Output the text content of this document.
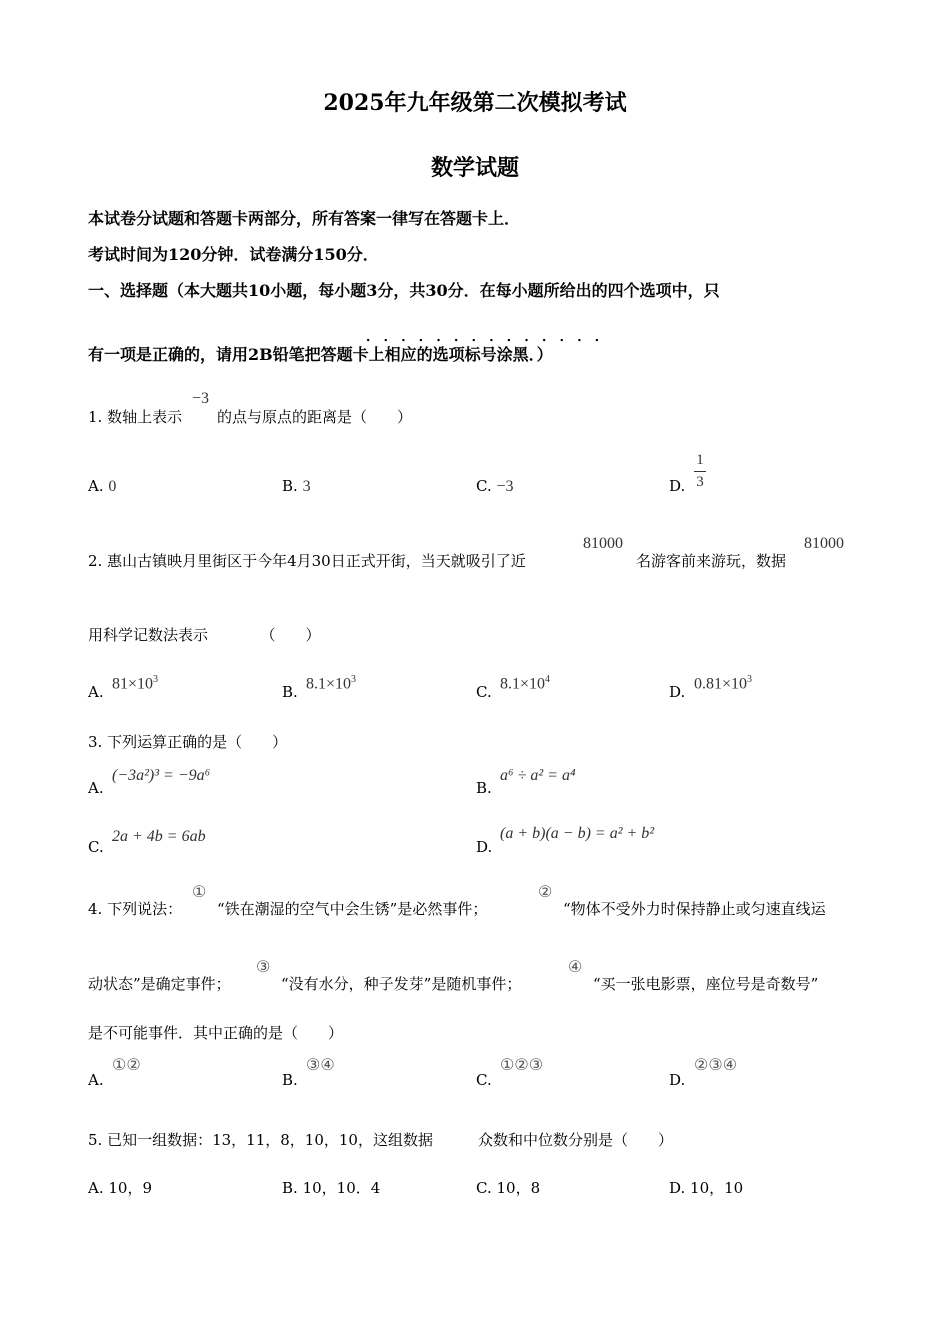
2025年九年级第二次模拟考试
数学试题
本试卷分试题和答题卡两部分，所有答案一律写在答题卡上．
考试时间为120分钟．试卷满分150分．
一、选择题（本大题共10小题，每小题3分，共30分．在每小题所给出的四个选项中，只
．．．．．．．．．．．．．．
有一项是正确的，请用2B铅笔把答题卡上相应的选项标号涂黑．）
1. 数轴上表示
−3
的点与原点的距离是（　　）
A. 0	B. 3	C. −3	D.
1
3
2. 惠山古镇映月里街区于今年4月30日正式开街，当天就吸引了近
81000
名游客前来游玩，数据
81000
用科学记数法表示　　　　（　　）
A. $81\times 10^3$
B. $8.1\times 10^3$
C. $8.1\times 10^4$
D. $0.81\times 10^3$
3. 下列运算正确的是（　　）
A.
(−3a²)³ = −9a⁶
B.
a⁶ ÷ a² = a⁴
C.
2a + 4b = 6ab
D.
(a + b)(a − b) = a² + b²
4. 下列说法：
①
“铁在潮湿的空气中会生锈”是必然事件；
②
“物体不受外力时保持静止或匀速直线运
动状态”是确定事件；
③
“没有水分，种子发芽”是随机事件；
④
“买一张电影票，座位号是奇数号”
是不可能事件．其中正确的是（　　）
A.
①②
B.
③④
C.
①②③
D.
②③④
5. 已知一组数据：13，11，8，10，10，这组数据　　　众数和中位数分别是（　　）
A. 10，9	B. 10，10．4	C. 10，8	D. 10，10
